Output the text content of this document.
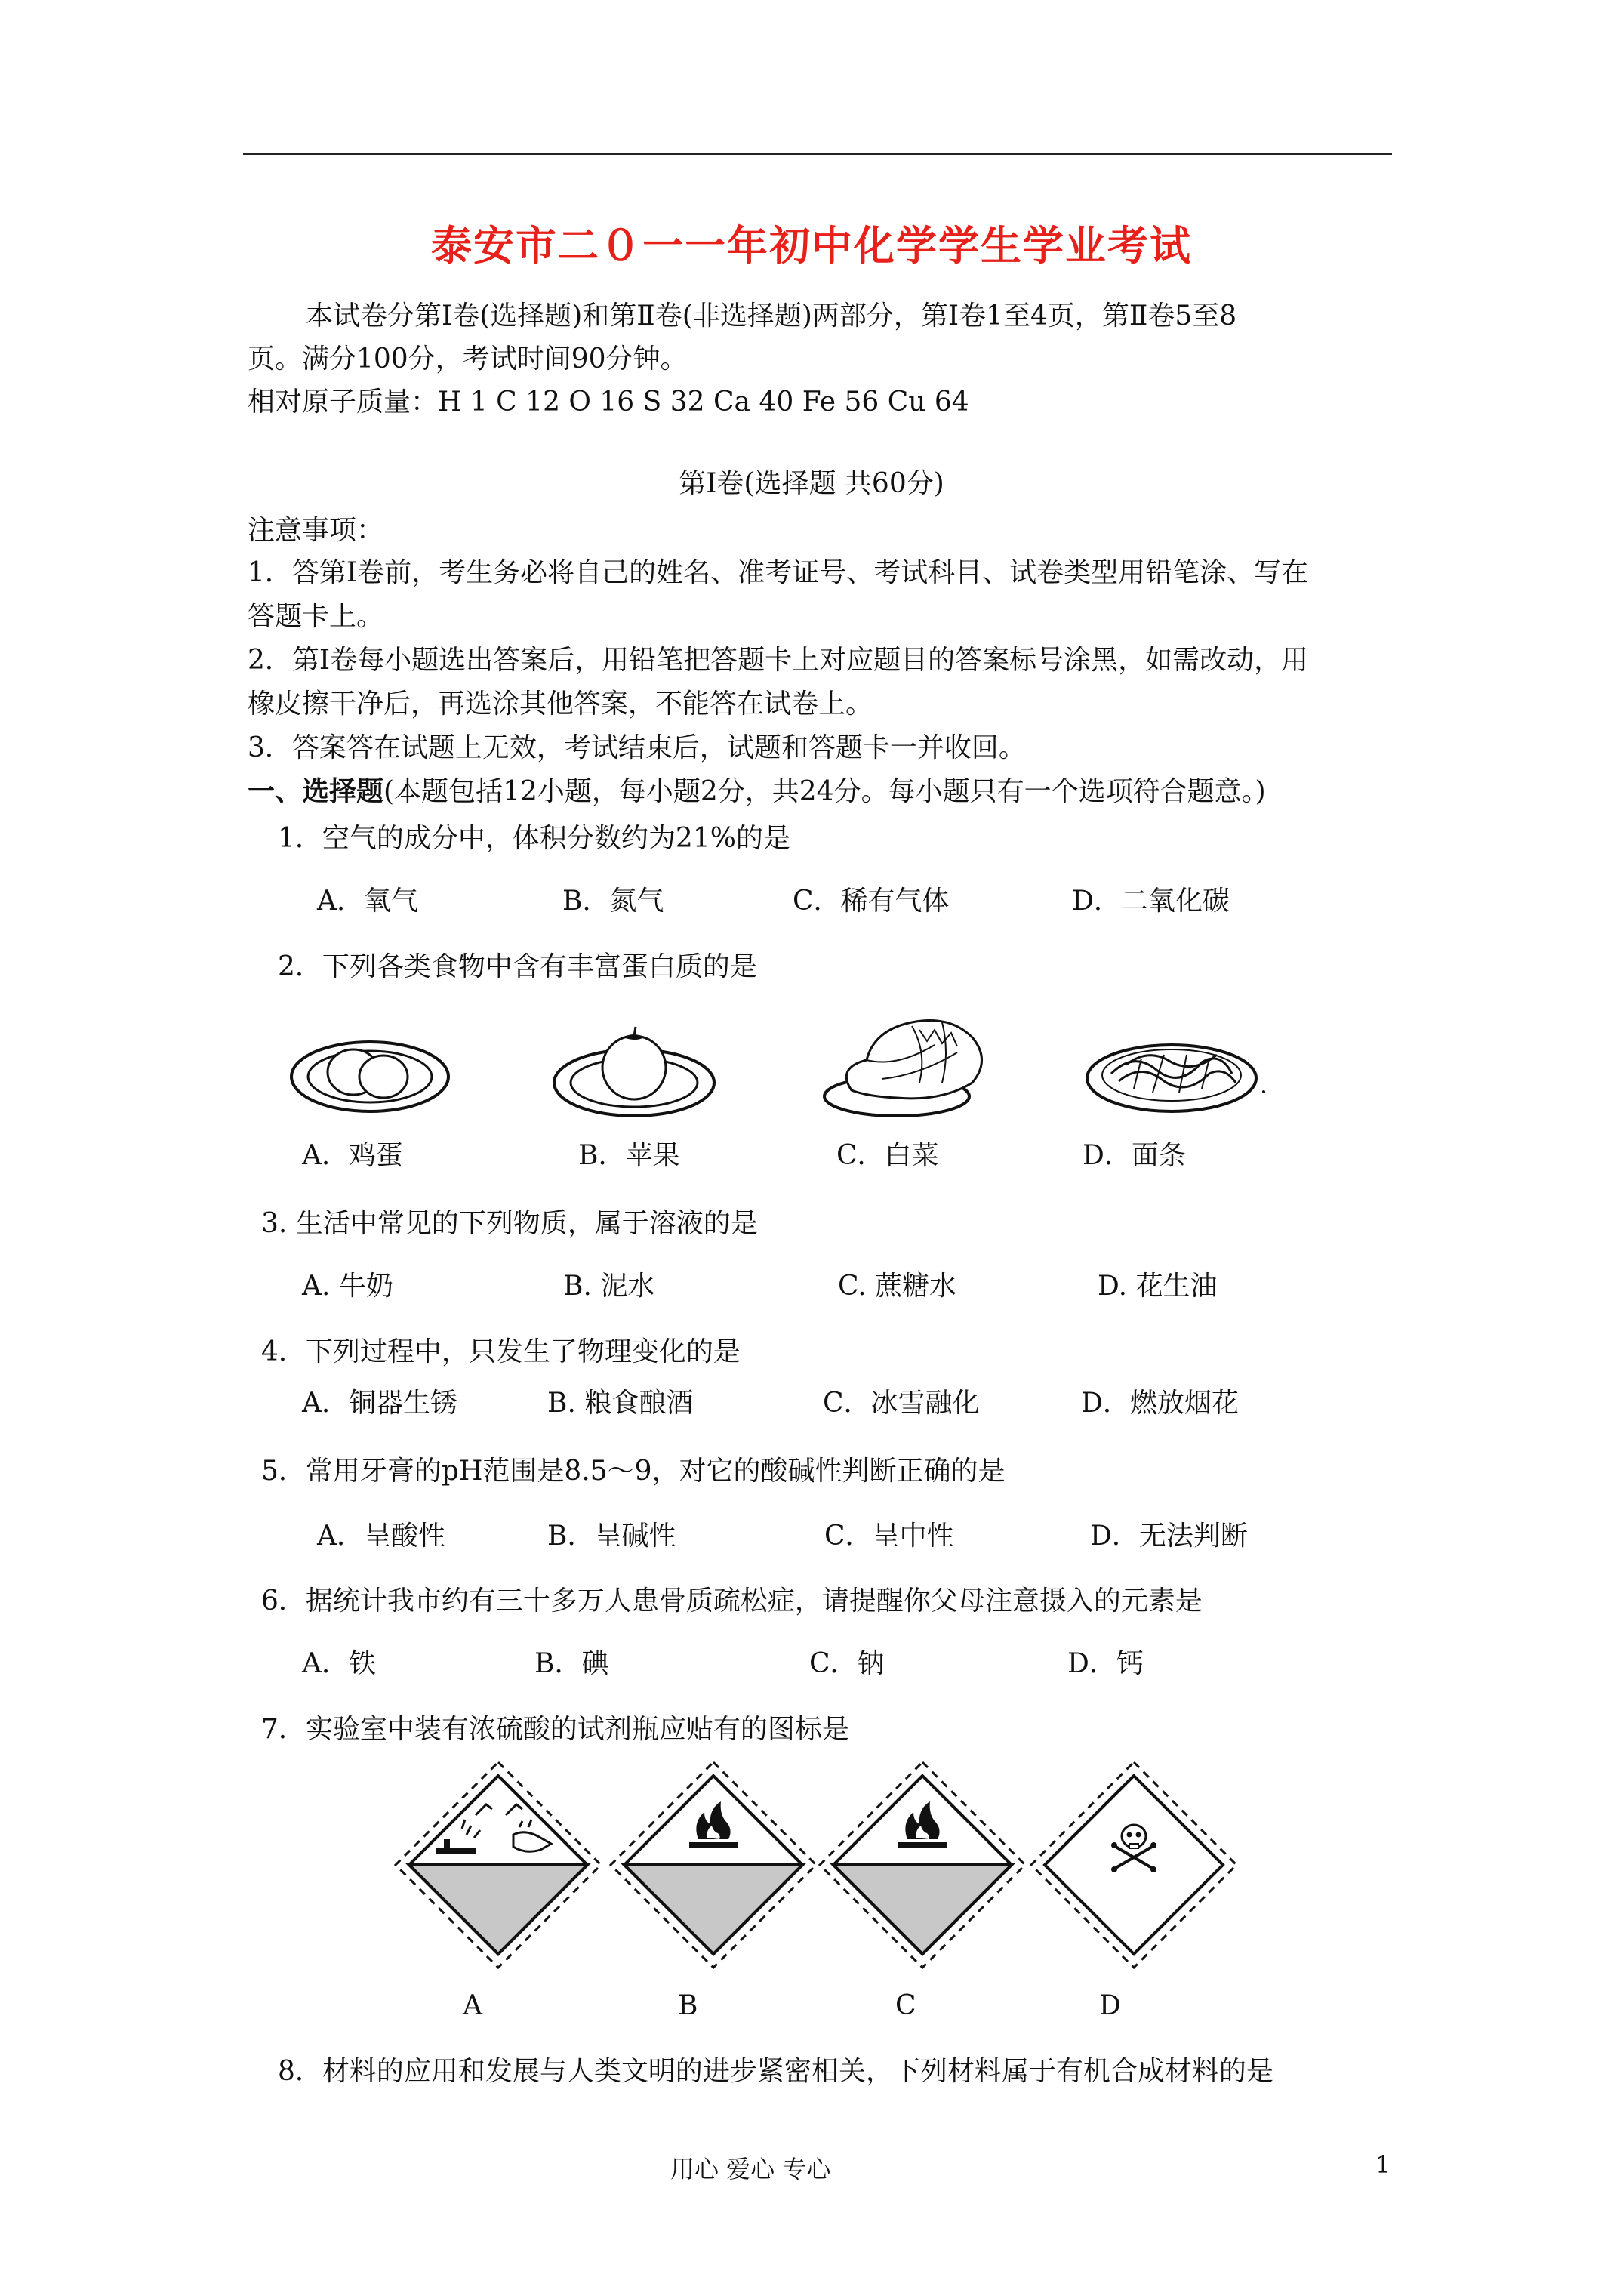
泰安市二０一一年初中化学学生学业考试
本试卷分第Ⅰ卷(选择题)和第Ⅱ卷(非选择题)两部分，第Ⅰ卷1至4页，第Ⅱ卷5至8
页。满分100分，考试时间90分钟。
相对原子质量：H 1 C 12 O 16 S 32 Ca 40 Fe 56 Cu 64
第Ⅰ卷(选择题 共60分)
注意事项：
1．答第Ⅰ卷前，考生务必将自己的姓名、准考证号、考试科目、试卷类型用铅笔涂、写在
答题卡上。
2．第Ⅰ卷每小题选出答案后，用铅笔把答题卡上对应题目的答案标号涂黑，如需改动，用
橡皮擦干净后，再选涂其他答案，不能答在试卷上。
3．答案答在试题上无效，考试结束后，试题和答题卡一并收回。
一、选择题(本题包括12小题，每小题2分，共24分。每小题只有一个选项符合题意。)
1．空气的成分中，体积分数约为21%的是
A．氧气	B．氮气	C．稀有气体	D．二氧化碳
2．下列各类食物中含有丰富蛋白质的是
A．鸡蛋	B．苹果	C．白菜	D．面条
3. 生活中常见的下列物质，属于溶液的是
A. 牛奶	B. 泥水	C. 蔗糖水	D. 花生油
4．下列过程中，只发生了物理变化的是
A．铜器生锈	B. 粮食酿酒	C．冰雪融化	D．燃放烟花
5．常用牙膏的pH范围是8.5～9，对它的酸碱性判断正确的是
A．呈酸性	B．呈碱性	C．呈中性	D．无法判断
6．据统计我市约有三十多万人患骨质疏松症，请提醒你父母注意摄入的元素是
A．铁	B．碘	C．钠	D．钙
7．实验室中装有浓硫酸的试剂瓶应贴有的图标是
A	B	C	D
8．材料的应用和发展与人类文明的进步紧密相关，下列材料属于有机合成材料的是
用心 爱心 专心	1
